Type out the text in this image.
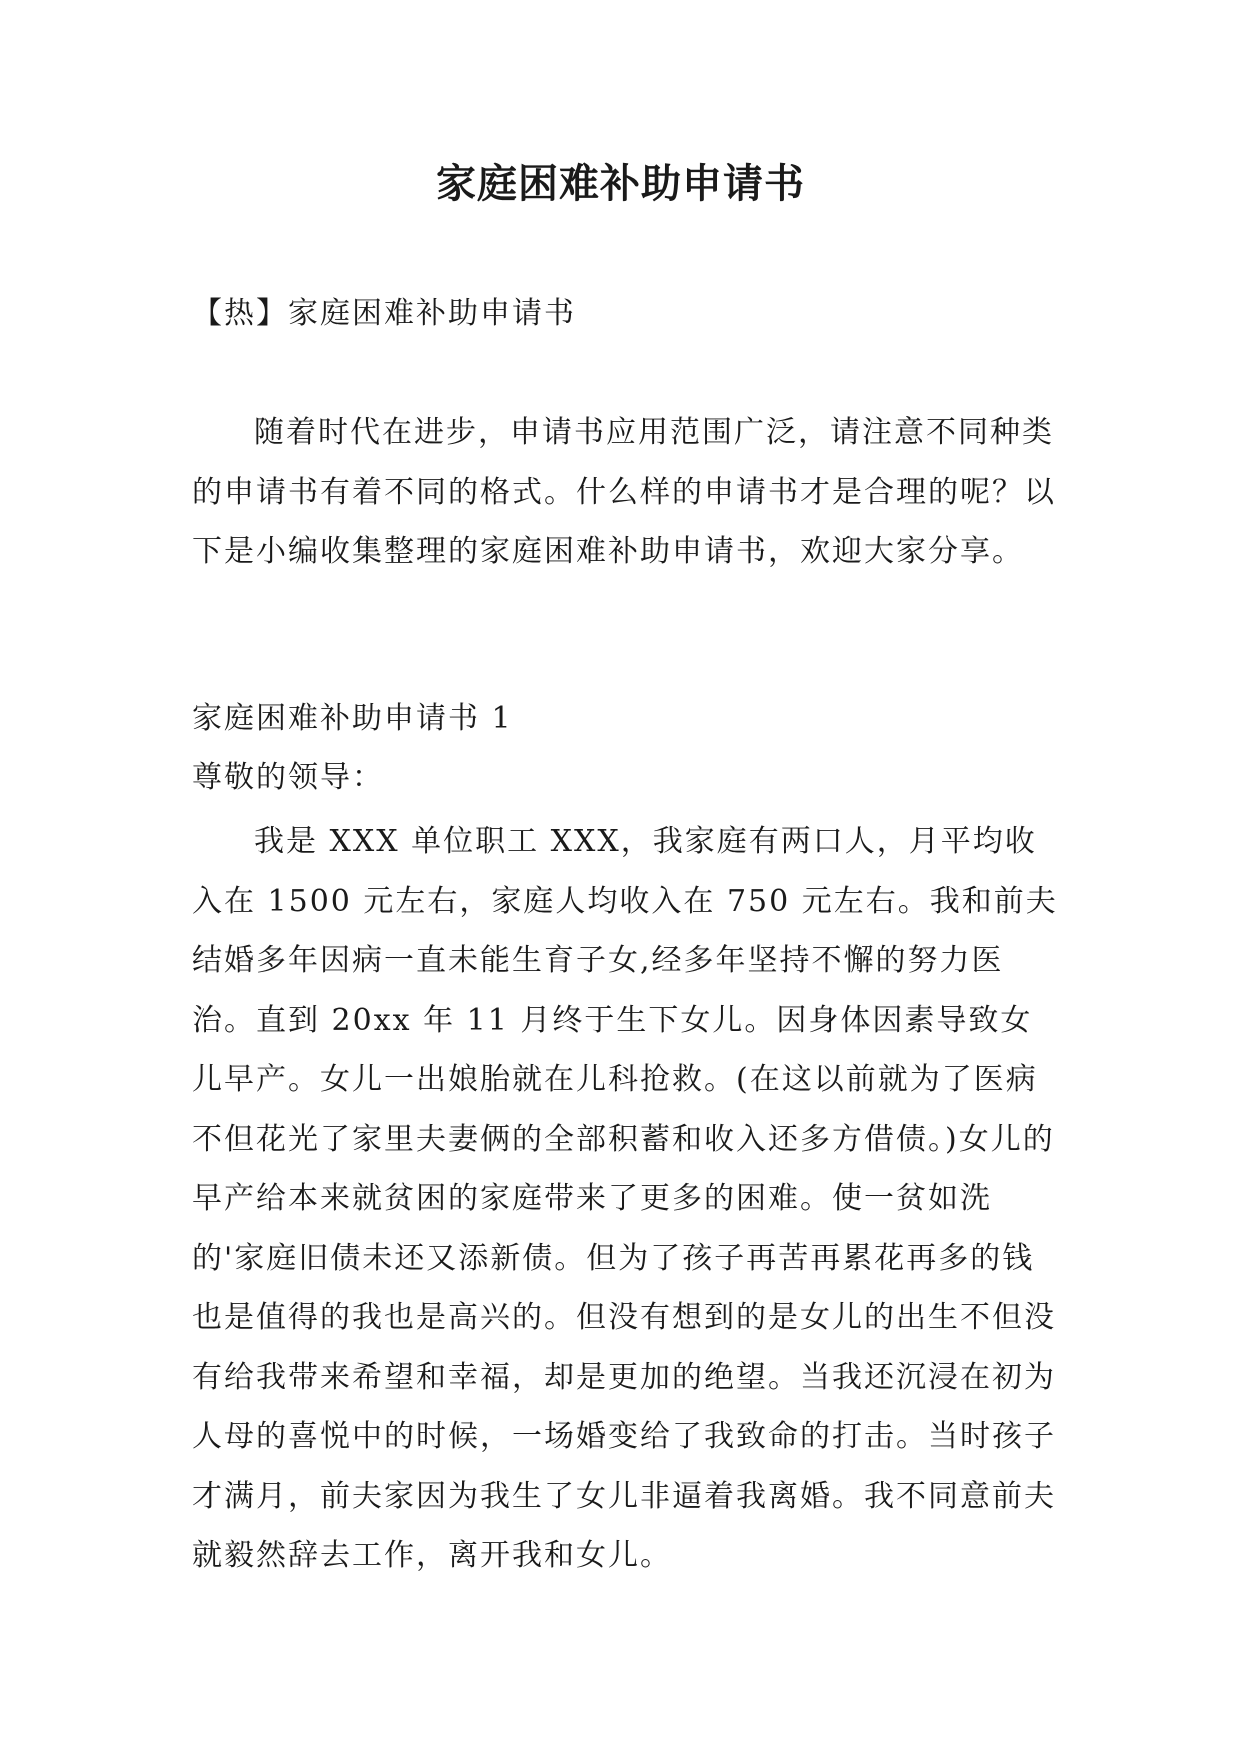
家庭困难补助申请书

【热】家庭困难补助申请书

随着时代在进步，申请书应用范围广泛，请注意不同种类的申请书有着不同的格式。什么样的申请书才是合理的呢？以下是小编收集整理的家庭困难补助申请书，欢迎大家分享。

家庭困难补助申请书 1

尊敬的领导：

我是 XXX 单位职工 XXX，我家庭有两口人，月平均收入在 1500 元左右，家庭人均收入在 750 元左右。我和前夫结婚多年因病一直未能生育子女,经多年坚持不懈的努力医治。直到 20xx 年 11 月终于生下女儿。因身体因素导致女儿早产。女儿一出娘胎就在儿科抢救。(在这以前就为了医病不但花光了家里夫妻俩的全部积蓄和收入还多方借债。)女儿的早产给本来就贫困的家庭带来了更多的困难。使一贫如洗的'家庭旧债未还又添新债。但为了孩子再苦再累花再多的钱也是值得的我也是高兴的。但没有想到的是女儿的出生不但没有给我带来希望和幸福，却是更加的绝望。当我还沉浸在初为人母的喜悦中的时候，一场婚变给了我致命的打击。当时孩子才满月，前夫家因为我生了女儿非逼着我离婚。我不同意前夫就毅然辞去工作，离开我和女儿。
